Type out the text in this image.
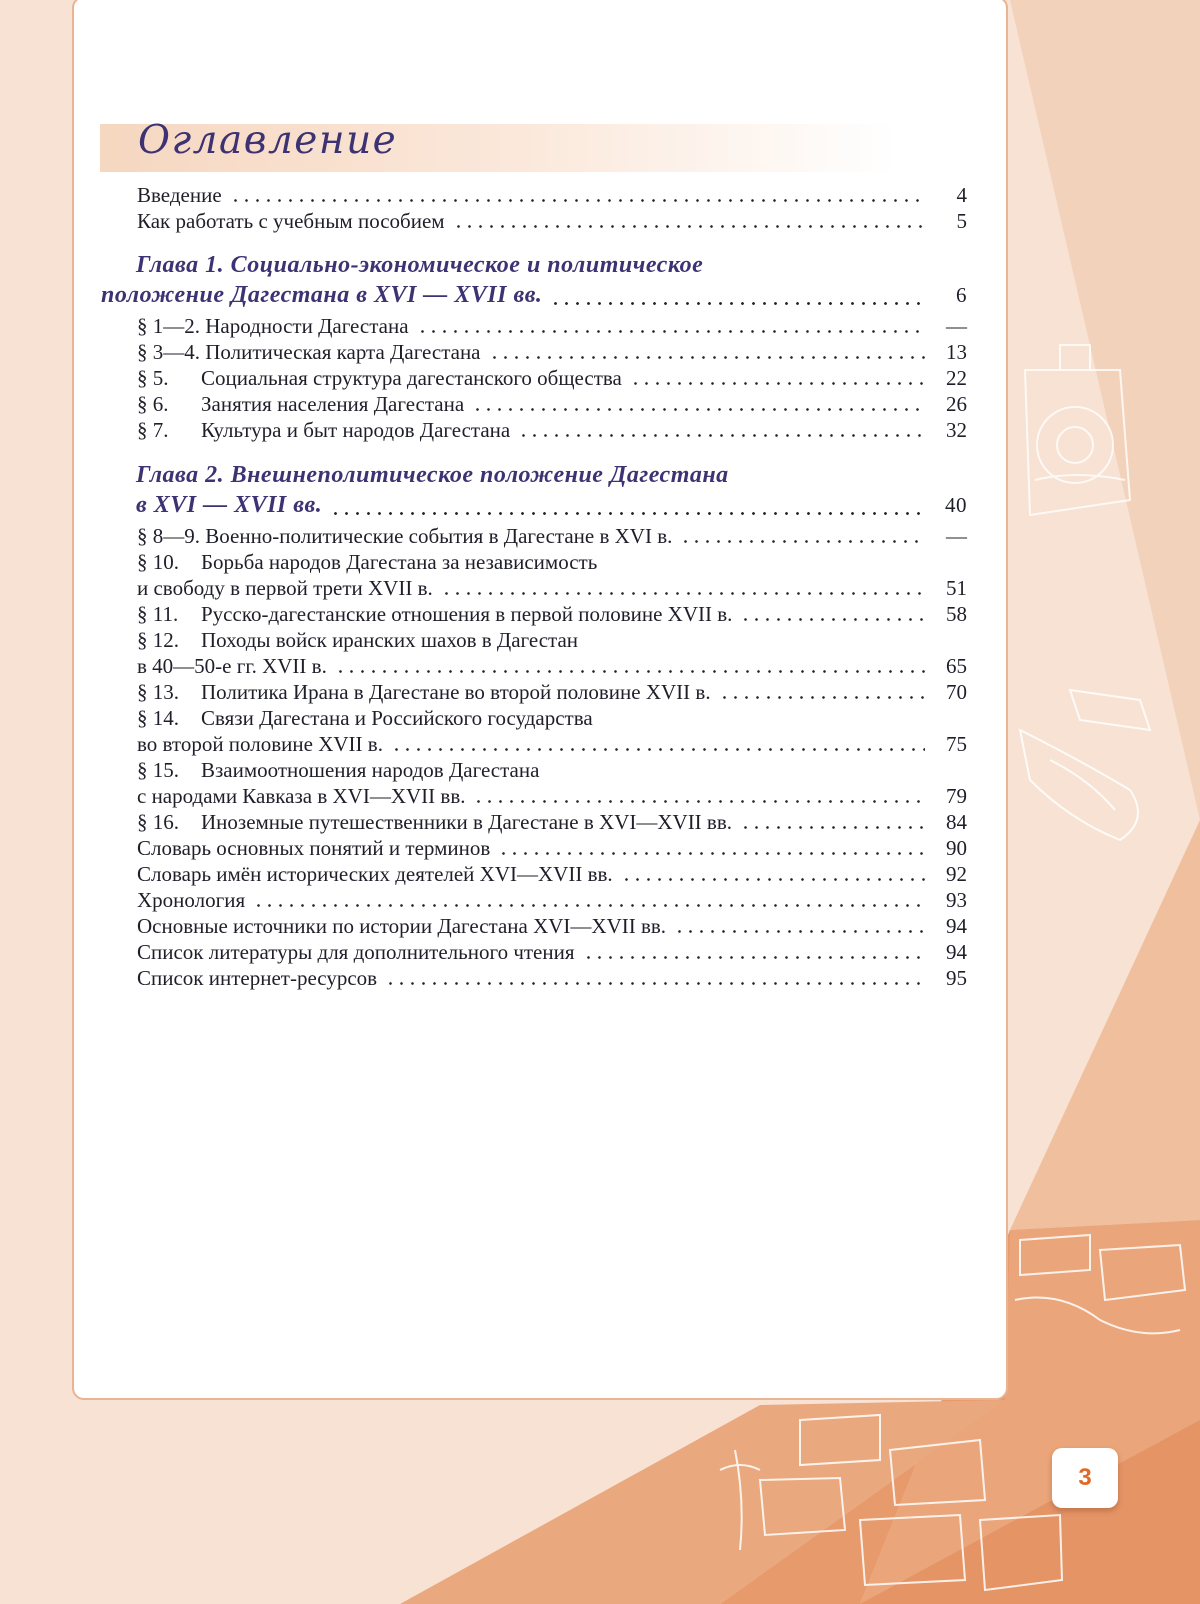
Оглавление
Введение	4
Как работать с учебным пособием	5
Глава 1. Социально-экономическое и политическое
положение Дагестана в XVI — XVII вв.	6
§ 1—2. Народности Дагестана	—
§ 3—4. Политическая карта Дагестана	13
§ 5. Социальная структура дагестанского общества	22
§ 6. Занятия населения Дагестана	26
§ 7. Культура и быт народов Дагестана	32
Глава 2. Внешнеполитическое положение Дагестана
в XVI — XVII вв.	40
§ 8—9. Военно-политические события в Дагестане в XVI в.	—
§ 10. Борьба народов Дагестана за независимость
и свободу в первой трети XVII в.	51
§ 11. Русско-дагестанские отношения в первой половине XVII в.	58
§ 12. Походы войск иранских шахов в Дагестан
в 40—50-е гг. XVII в.	65
§ 13. Политика Ирана в Дагестане во второй половине XVII в.	70
§ 14. Связи Дагестана и Российского государства
во второй половине XVII в.	75
§ 15. Взаимоотношения народов Дагестана
с народами Кавказа в XVI—XVII вв.	79
§ 16. Иноземные путешественники в Дагестане в XVI—XVII вв.	84
Словарь основных понятий и терминов	90
Словарь имён исторических деятелей XVI—XVII вв.	92
Хронология	93
Основные источники по истории Дагестана XVI—XVII вв.	94
Список литературы для дополнительного чтения	94
Список интернет-ресурсов	95
3
